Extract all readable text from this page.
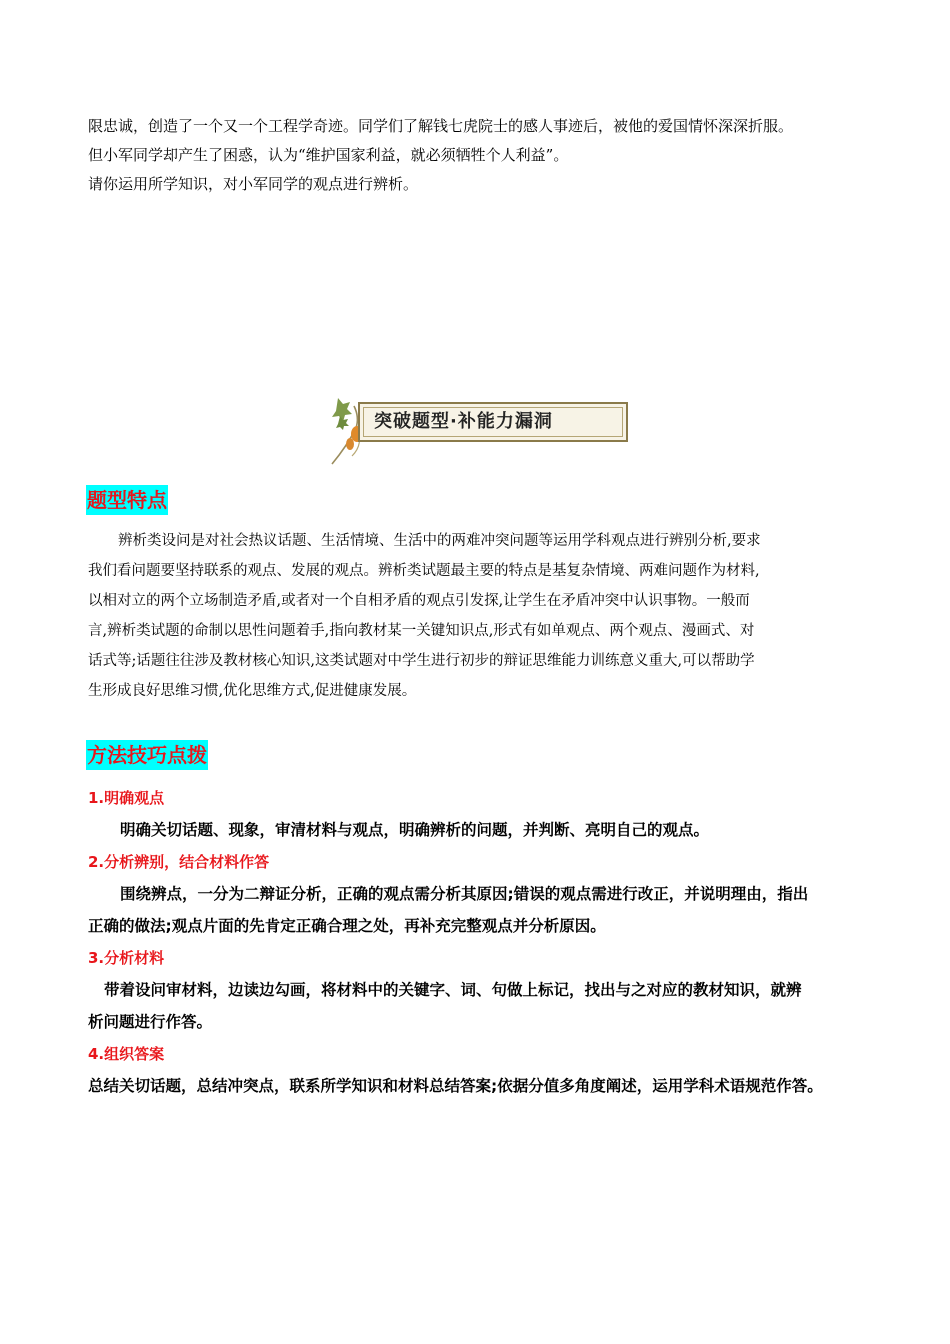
限忠诚，创造了一个又一个工程学奇迹。同学们了解钱七虎院士的感人事迹后，被他的爱国情怀深深折服。

但小军同学却产生了困惑，认为“维护国家利益，就必须牺牲个人利益”。

请你运用所学知识，对小军同学的观点进行辨析。

突破题型·补能力漏洞
题型特点

辨析类设问是对社会热议话题、生活情境、生活中的两难冲突问题等运用学科观点进行辨别分析,要求

我们看问题要坚持联系的观点、发展的观点。辨析类试题最主要的特点是基复杂情境、两难问题作为材料,

以相对立的两个立场制造矛盾,或者对一个自相矛盾的观点引发探,让学生在矛盾冲突中认识事物。一般而

言,辨析类试题的命制以思性问题着手,指向教材某一关键知识点,形式有如单观点、两个观点、漫画式、对

话式等;话题往往涉及教材核心知识,这类试题对中学生进行初步的辩证思维能力训练意义重大,可以帮助学

生形成良好思维习惯,优化思维方式,促进健康发展。

方法技巧点拨
1.明确观点

明确关切话题、现象，审清材料与观点，明确辨析的问题，并判断、亮明自己的观点。

2.分析辨别，结合材料作答

围绕辨点，一分为二辩证分析，正确的观点需分析其原因;错误的观点需进行改正，并说明理由，指出

正确的做法;观点片面的先肯定正确合理之处，再补充完整观点并分析原因。

3.分析材料

带着设问审材料，边读边勾画，将材料中的关键字、词、句做上标记，找出与之对应的教材知识，就辨

析问题进行作答。

4.组织答案

总结关切话题，总结冲突点，联系所学知识和材料总结答案;依据分值多角度阐述，运用学科术语规范作答。
